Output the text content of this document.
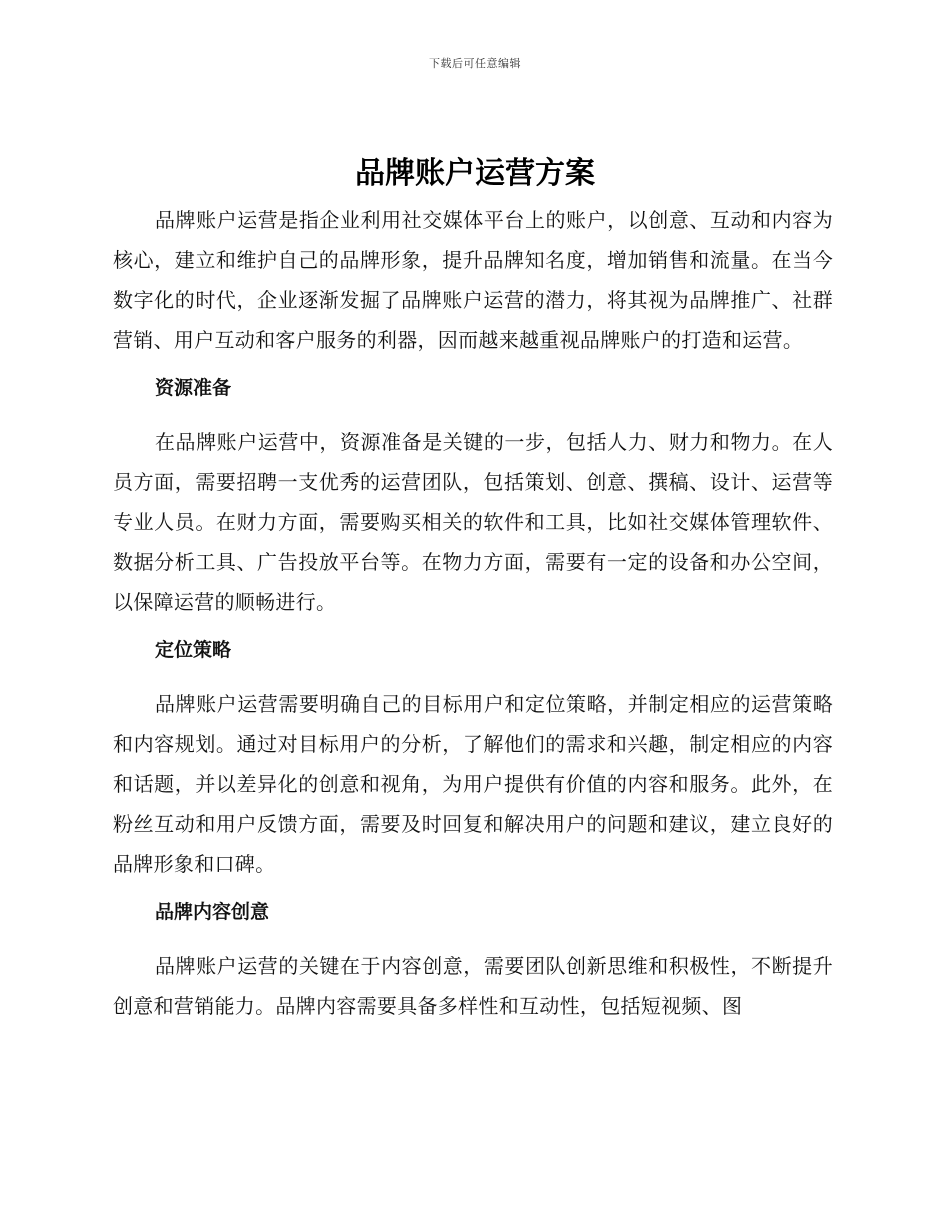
下载后可任意编辑
品牌账户运营方案

品牌账户运营是指企业利用社交媒体平台上的账户，以创意、互动和内容为核心，建立和维护自己的品牌形象，提升品牌知名度，增加销售和流量。在当今数字化的时代，企业逐渐发掘了品牌账户运营的潜力，将其视为品牌推广、社群营销、用户互动和客户服务的利器，因而越来越重视品牌账户的打造和运营。

资源准备

在品牌账户运营中，资源准备是关键的一步，包括人力、财力和物力。在人员方面，需要招聘一支优秀的运营团队，包括策划、创意、撰稿、设计、运营等专业人员。在财力方面，需要购买相关的软件和工具，比如社交媒体管理软件、数据分析工具、广告投放平台等。在物力方面，需要有一定的设备和办公空间，以保障运营的顺畅进行。

定位策略

品牌账户运营需要明确自己的目标用户和定位策略，并制定相应的运营策略和内容规划。通过对目标用户的分析，了解他们的需求和兴趣，制定相应的内容和话题，并以差异化的创意和视角，为用户提供有价值的内容和服务。此外，在粉丝互动和用户反馈方面，需要及时回复和解决用户的问题和建议，建立良好的品牌形象和口碑。

品牌内容创意

品牌账户运营的关键在于内容创意，需要团队创新思维和积极性，不断提升创意和营销能力。品牌内容需要具备多样性和互动性，包括短视频、图
